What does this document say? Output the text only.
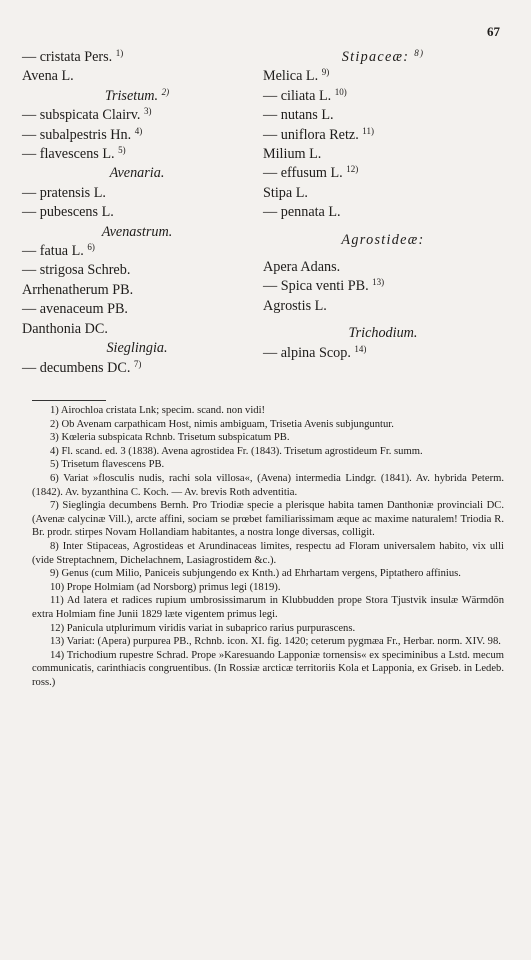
67
— cristata Pers. $^{1)}$
Avena L.
Trisetum. $^{2)}$
— subspicata Clairv. $^{3)}$
— subalpestris Hn. $^{4)}$
— flavescens L. $^{5)}$
Avenaria.
— pratensis L.
— pubescens L.
Avenastrum.
— fatua L. $^{6)}$
— strigosa Schreb.
Arrhenatherum PB.
— avenaceum PB.
Danthonia DC.
Sieglingia.
— decumbens DC. $^{7)}$
Stipaceæ: $^{8)}$
Melica L. $^{9)}$
— ciliata L. $^{10)}$
— nutans L.
— uniflora Retz. $^{11)}$
Milium L.
— effusum L. $^{12)}$
Stipa L.
— pennata L.
Agrostideæ:
Apera Adans.
— Spica venti PB. $^{13)}$
Agrostis L.
Trichodium.
— alpina Scop. $^{14)}$

1) Airochloa cristata Lnk; specim. scand. non vidi!

2) Ob Avenam carpathicam Host, nimis ambiguam, Trisetia Avenis subjunguntur.

3) Kœleria subspicata Rchnb. Trisetum subspicatum PB.

4) Fl. scand. ed. 3 (1838). Avena agrostidea Fr. (1843). Trisetum agrostideum Fr. summ.

5) Trisetum flavescens PB.

6) Variat »flosculis nudis, rachi sola villosa«, (Avena) intermedia Lindgr. (1841). Av. hybrida Peterm. (1842). Av. byzanthina C. Koch. — Av. brevis Roth adventitia.

7) Sieglingia decumbens Bernh. Pro Triodiæ specie a plerisque habita tamen Danthoniæ provinciali DC. (Avenæ calycinæ Vill.), arcte affini, sociam se prœbet familiarissimam æque ac maxime naturalem! Triodia R. Br. prodr. stirpes Novam Hollandiam habitantes, a nostra longe diversas, colligit.

8) Inter Stipaceas, Agrostideas et Arundinaceas limites, respectu ad Floram universalem habito, vix ulli (vide Streptachnem, Dichelachnem, Lasiagrostidem &c.).

9) Genus (cum Milio, Paniceis subjungendo ex Knth.) ad Ehrhartam vergens, Piptathero affinius.

10) Prope Holmiam (ad Norsborg) primus legi (1819).

11) Ad latera et radices rupium umbrosissimarum in Klubbudden prope Stora Tjustvik insulæ Wärmdön extra Holmiam fine Junii 1829 læte vigentem primus legi.

12) Panicula utplurimum viridis variat in subaprico rarius purpurascens.

13) Variat: (Apera) purpurea PB., Rchnb. icon. XI. fig. 1420; ceterum pygmæa Fr., Herbar. norm. XIV. 98.

14) Trichodium rupestre Schrad. Prope »Karesuando Lapponiæ tornensis« ex speciminibus a Lstd. mecum communicatis, carinthiacis congruentibus. (In Rossiæ arcticæ territoriis Kola et Lapponia, ex Griseb. in Ledeb. ross.)
